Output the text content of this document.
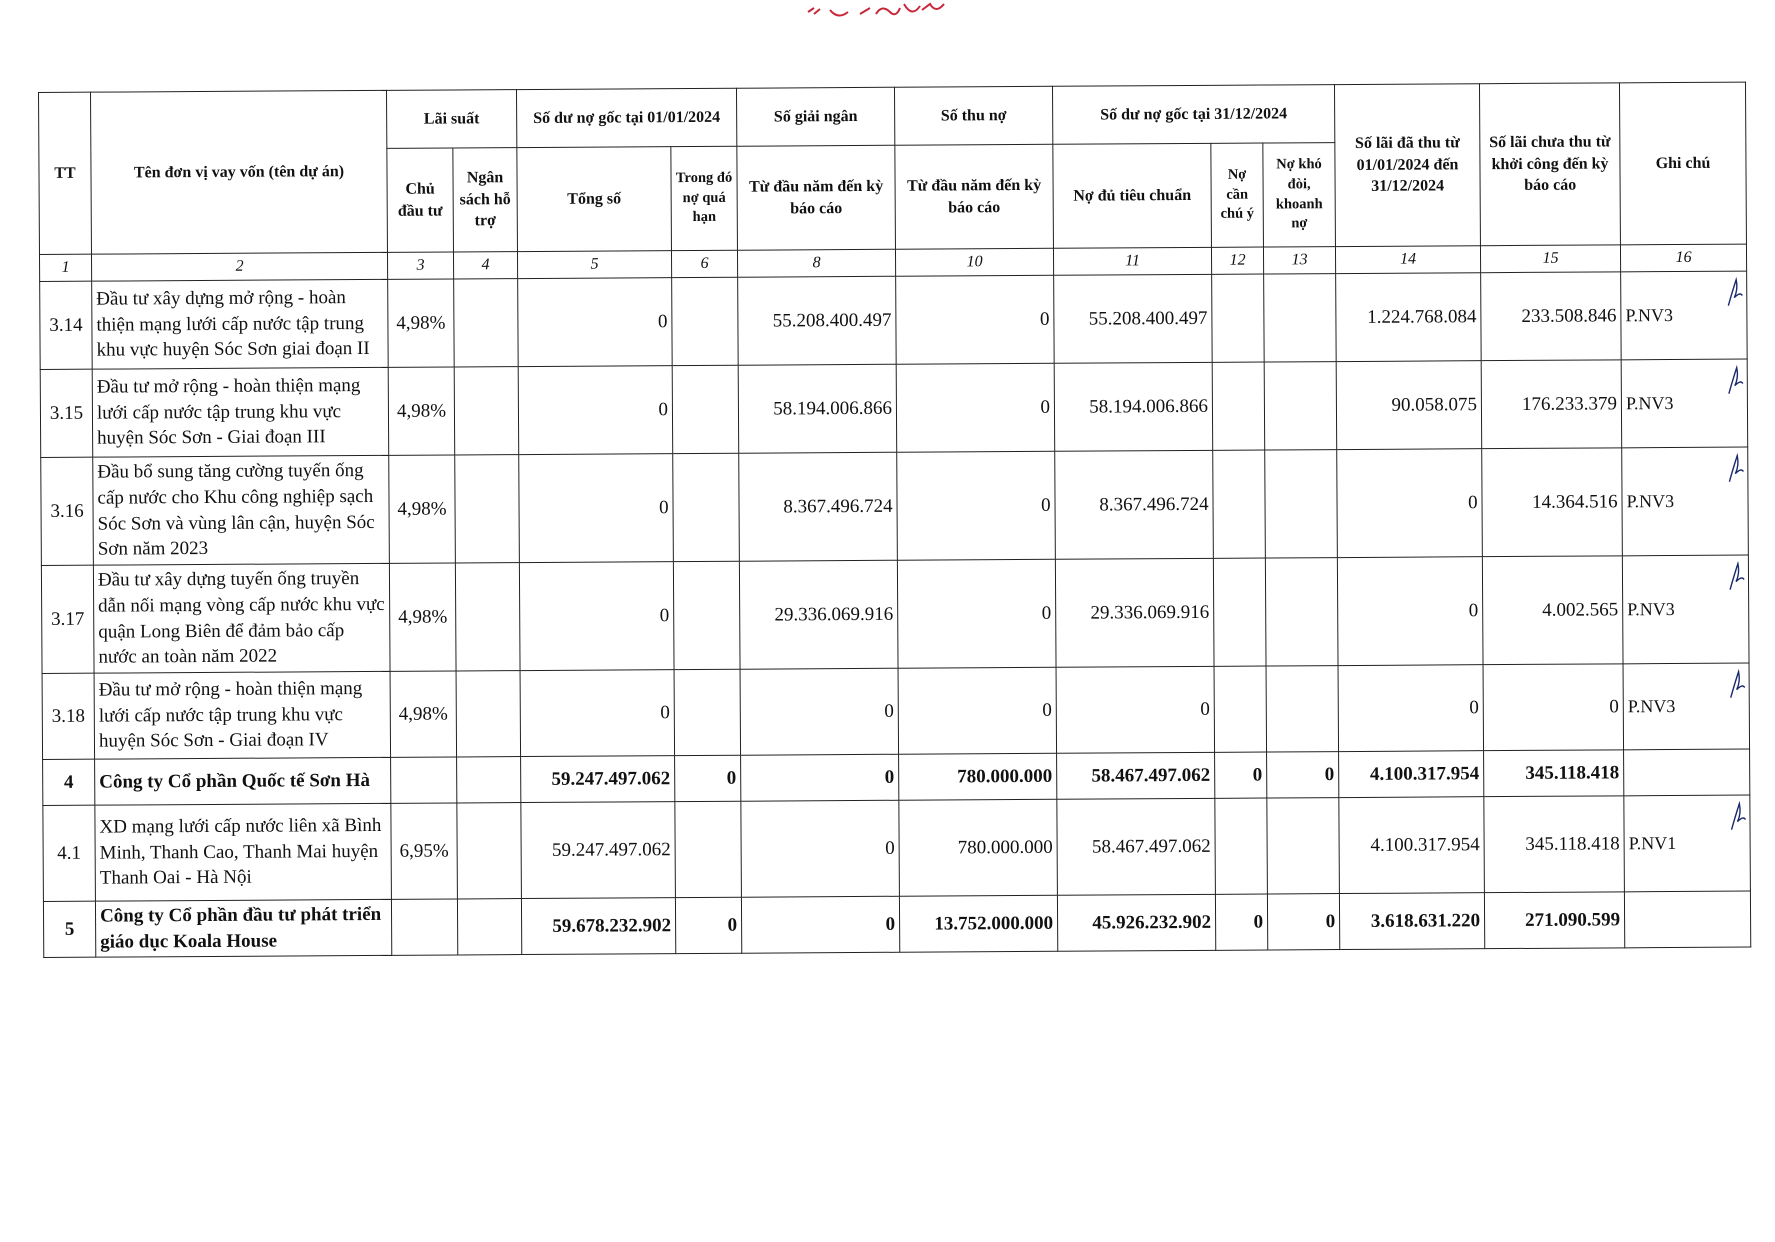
TT	Tên đơn vị vay vốn (tên dự án)	Lãi suất		Số dư nợ gốc tại 01/01/2024		Số giải ngân	Số thu nợ	Số dư nợ gốc tại 31/12/2024			Số lãi đã thu từ 01/01/2024 đến 31/12/2024	Số lãi chưa thu từ khởi công đến kỳ báo cáo	Ghi chú
		Chủ đầu tư	Ngân sách hỗ trợ	Tổng số	Trong đó nợ quá hạn	Từ đầu năm đến kỳ báo cáo	Từ đầu năm đến kỳ báo cáo	Nợ đủ tiêu chuẩn	Nợ cần chú ý	Nợ khó đòi, khoanh nợ			
1	2	3	4	5	6	8	10	11	12	13	14	15	16
3.14	Đầu tư xây dựng mở rộng - hoàn thiện mạng lưới cấp nước tập trung khu vực huyện Sóc Sơn giai đoạn II	4,98%		0		55.208.400.497	0	55.208.400.497			1.224.768.084	233.508.846	P.NV3

3.15	Đầu tư mở rộng - hoàn thiện mạng lưới cấp nước tập trung khu vực huyện Sóc Sơn - Giai đoạn III	4,98%		0		58.194.006.866	0	58.194.006.866			90.058.075	176.233.379	P.NV3

3.16	Đầu bổ sung tăng cường tuyến ống cấp nước cho Khu công nghiệp sạch Sóc Sơn và vùng lân cận, huyện Sóc Sơn năm 2023	4,98%		0		8.367.496.724	0	8.367.496.724			0	14.364.516	P.NV3

3.17	Đầu tư xây dựng tuyến ống truyền dẫn nối mạng vòng cấp nước khu vực quận Long Biên để đảm bảo cấp nước an toàn năm 2022	4,98%		0		29.336.069.916	0	29.336.069.916			0	4.002.565	P.NV3

3.18	Đầu tư mở rộng - hoàn thiện mạng lưới cấp nước tập trung khu vực huyện Sóc Sơn - Giai đoạn IV	4,98%		0		0	0	0			0	0	P.NV3

4	Công ty Cổ phần Quốc tế Sơn Hà			59.247.497.062	0	0	780.000.000	58.467.497.062	0	0	4.100.317.954	345.118.418	
4.1	XD mạng lưới cấp nước liên xã Bình Minh, Thanh Cao, Thanh Mai huyện Thanh Oai - Hà Nội	6,95%		59.247.497.062		0	780.000.000	58.467.497.062			4.100.317.954	345.118.418	P.NV1

5	Công ty Cổ phần đầu tư phát triển giáo dục Koala House			59.678.232.902	0	0	13.752.000.000	45.926.232.902	0	0	3.618.631.220	271.090.599	
